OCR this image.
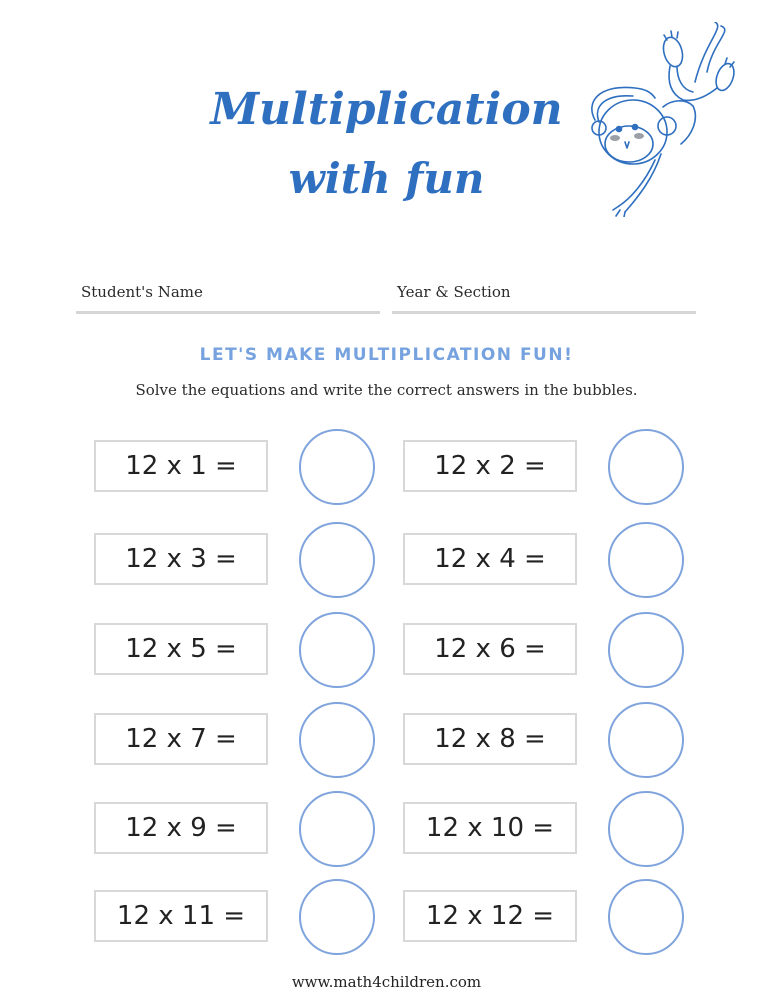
Multiplication
with fun
Student's Name	Year & Section
LET'S MAKE MULTIPLICATION FUN!
Solve the equations and write the correct answers in the bubbles.
12 x 1 =	12 x 2 =
12 x 3 =	12 x 4 =
12 x 5 =	12 x 6 =
12 x 7 =	12 x 8 =
12 x 9 =	12 x 10 =
12 x 11 =	12 x 12 =
www.math4children.com
